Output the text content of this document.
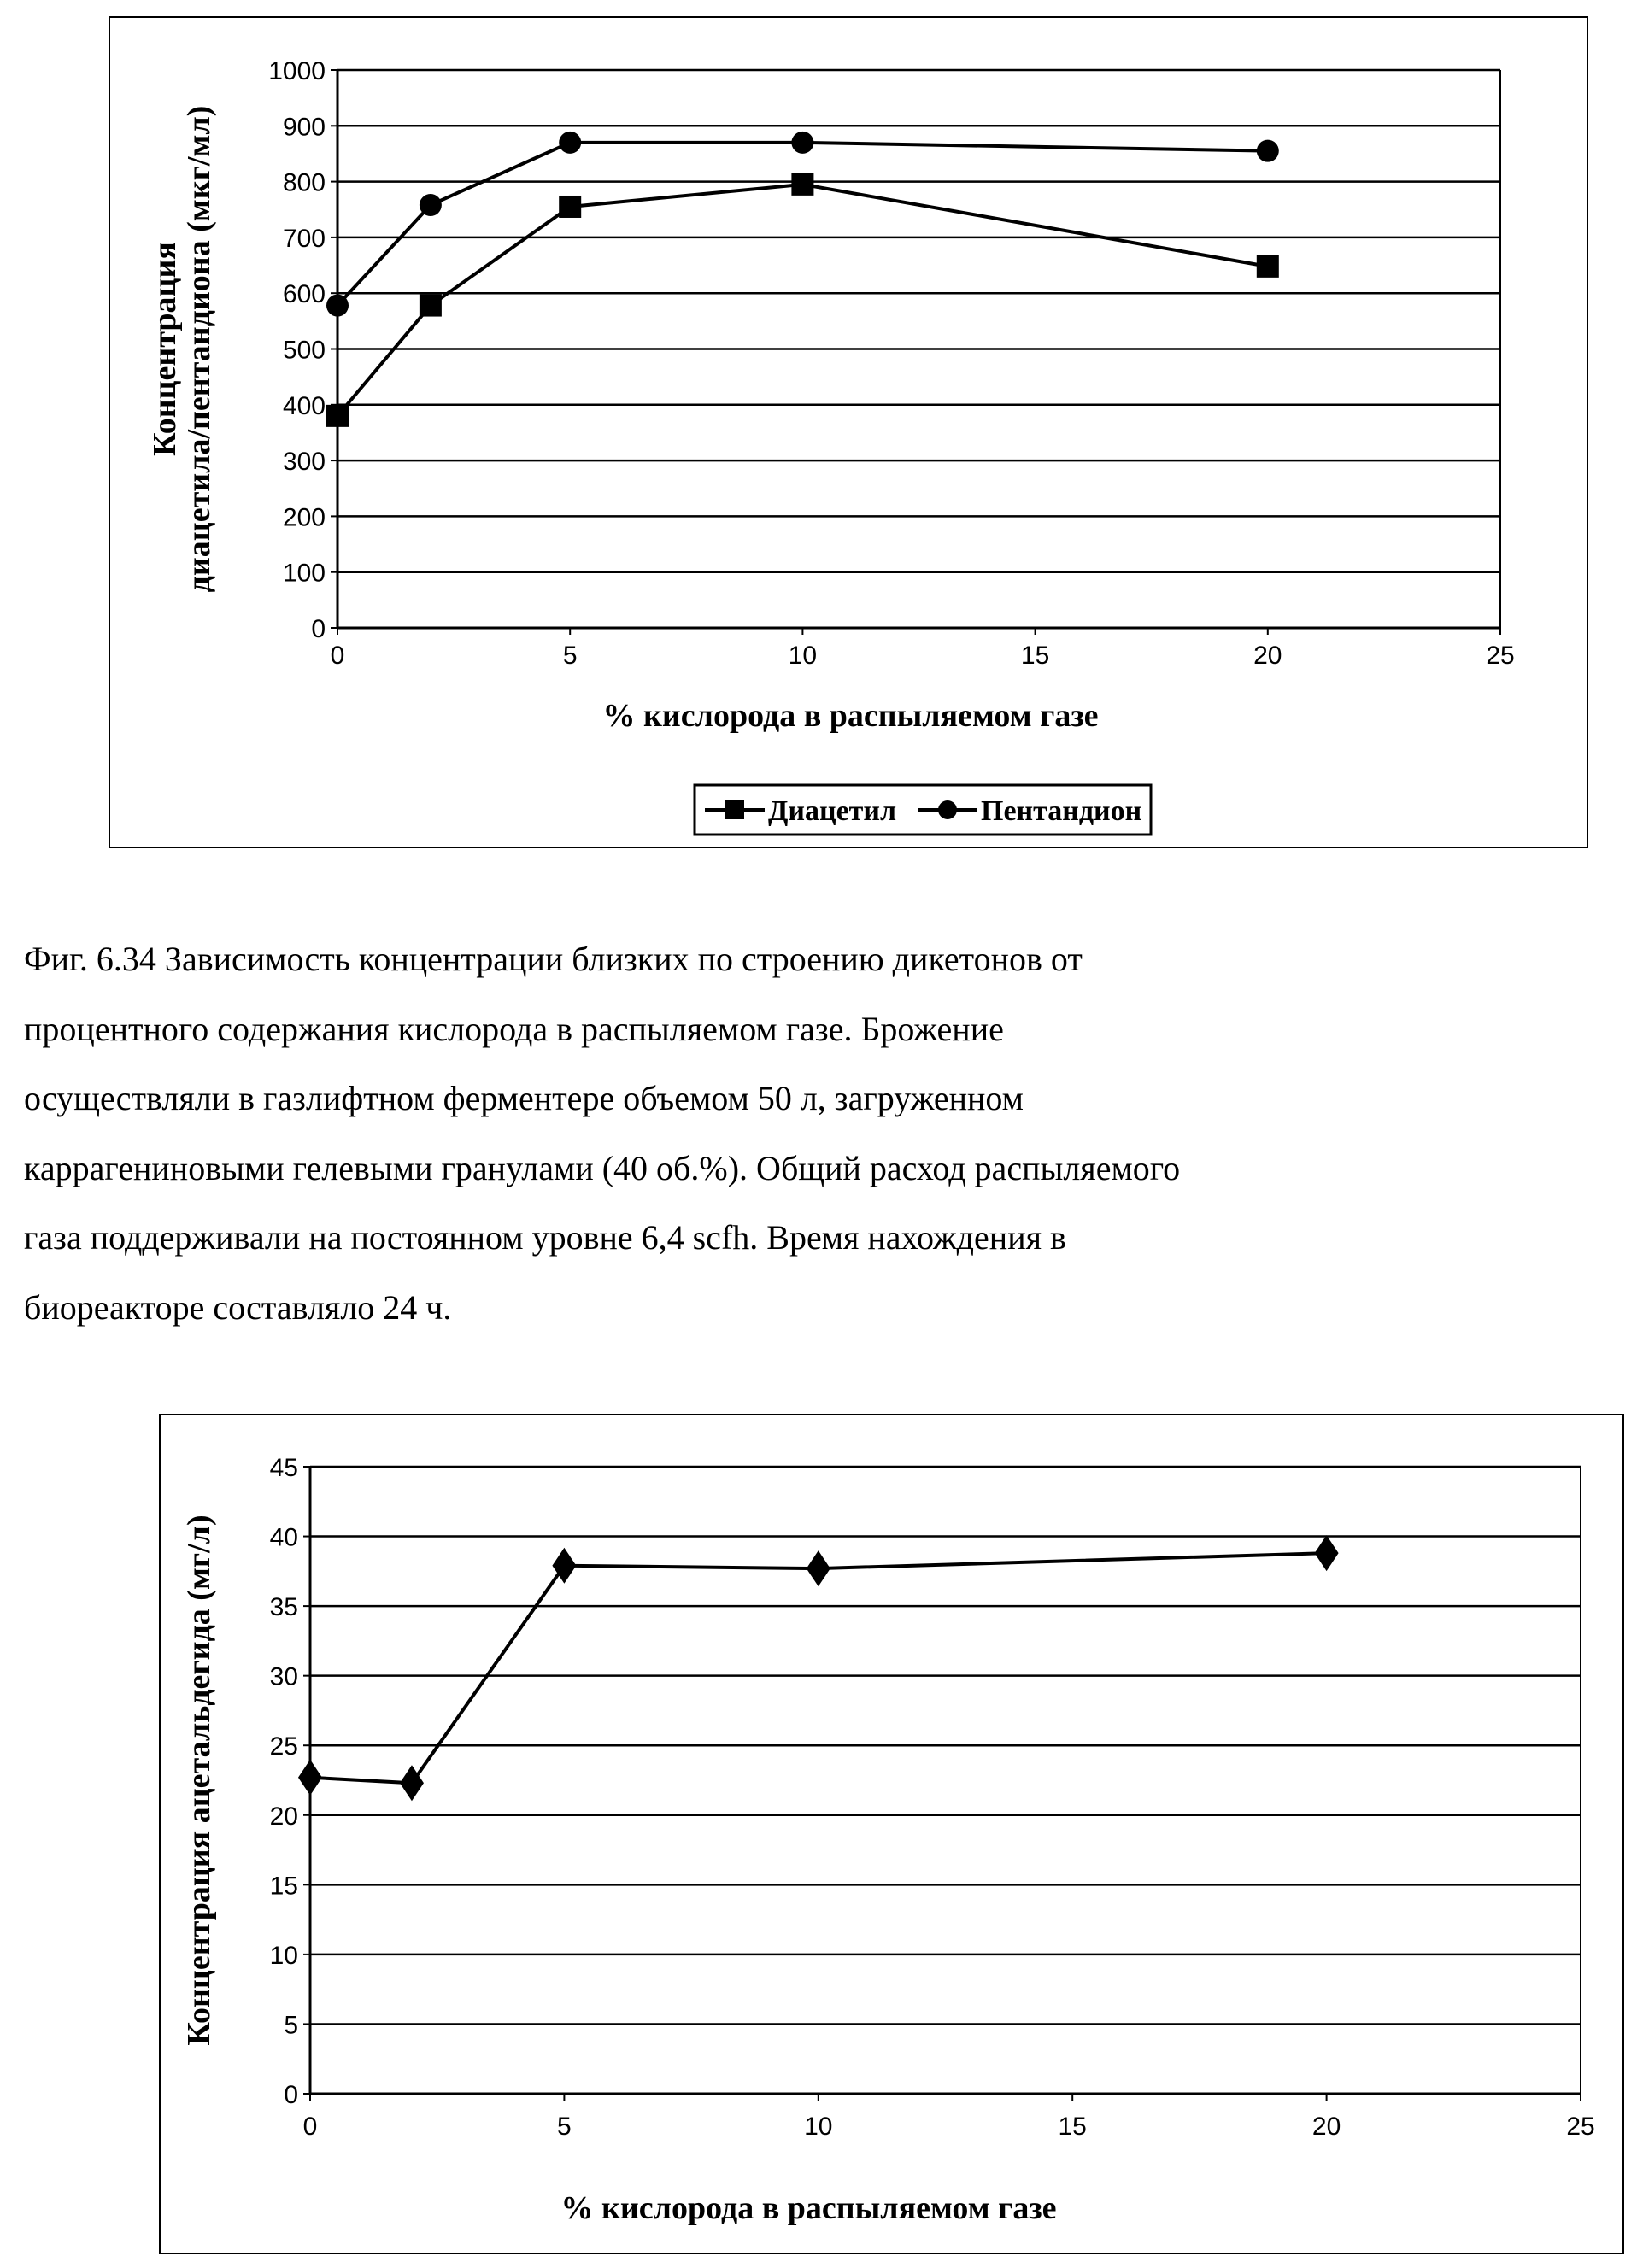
0
100
200
300
400
500
600
700
800
900
1000
0	5	10	15	20	25
% кислорода в распыляемом газе
Концентрация
диацетила/пентандиона (мкг/мл)
Диацетил	Пентандион
Фиг. 6.34 Зависимость концентрации близких по строению дикетонов от
процентного содержания кислорода в распыляемом газе. Брожение
осуществляли в газлифтном ферментере объемом 50 л, загруженном
каррагениновыми гелевыми гранулами (40 об.%). Общий расход распыляемого
газа поддерживали на постоянном уровне 6,4 scfh. Время нахождения в
биореакторе составляло 24 ч.
0
5
10
15
20
25
30
35
40
45
0	5	10	15	20	25
% кислорода в распыляемом газе
Концентрация ацетальдегида (мг/л)
